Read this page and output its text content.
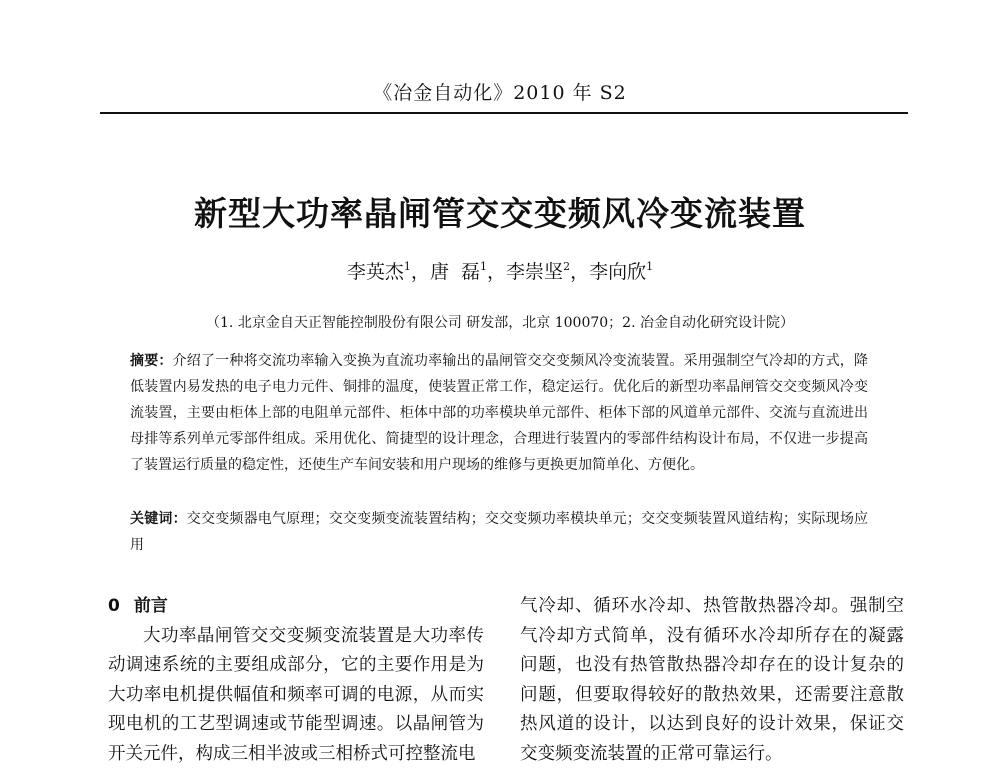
《冶金自动化》2010 年 S2
新型大功率晶闸管交交变频风冷变流装置
李英杰$^1$，唐  磊$^1$，李崇坚$^2$，李向欣$^1$
（1. 北京金自天正智能控制股份有限公司 研发部，北京 100070；2. 冶金自动化研究设计院）
摘要：介绍了一种将交流功率输入变换为直流功率输出的晶闸管交交变频风冷变流装置。采用强制空气冷却的方式，降低装置内易发热的电子电力元件、铜排的温度，使装置正常工作，稳定运行。优化后的新型功率晶闸管交交变频风冷变流装置，主要由柜体上部的电阻单元部件、柜体中部的功率模块单元部件、柜体下部的风道单元部件、交流与直流进出母排等系列单元零部件组成。采用优化、简捷型的设计理念，合理进行装置内的零部件结构设计布局，不仅进一步提高了装置运行质量的稳定性，还使生产车间安装和用户现场的维修与更换更加简单化、方便化。
关键词：交交变频器电气原理；交交变频变流装置结构；交交变频功率模块单元；交交变频装置风道结构；实际现场应用
0 前言

大功率晶闸管交交变频变流装置是大功率传动调速系统的主要组成部分，它的主要作用是为大功率电机提供幅值和频率可调的电源，从而实现电机的工艺型调速或节能型调速。以晶闸管为开关元件，构成三相半波或三相桥式可控整流电

气冷却、循环水冷却、热管散热器冷却。强制空气冷却方式简单，没有循环水冷却所存在的凝露问题，也没有热管散热器冷却存在的设计复杂的问题，但要取得较好的散热效果，还需要注意散热风道的设计，以达到良好的设计效果，保证交交变频变流装置的正常可靠运行。
